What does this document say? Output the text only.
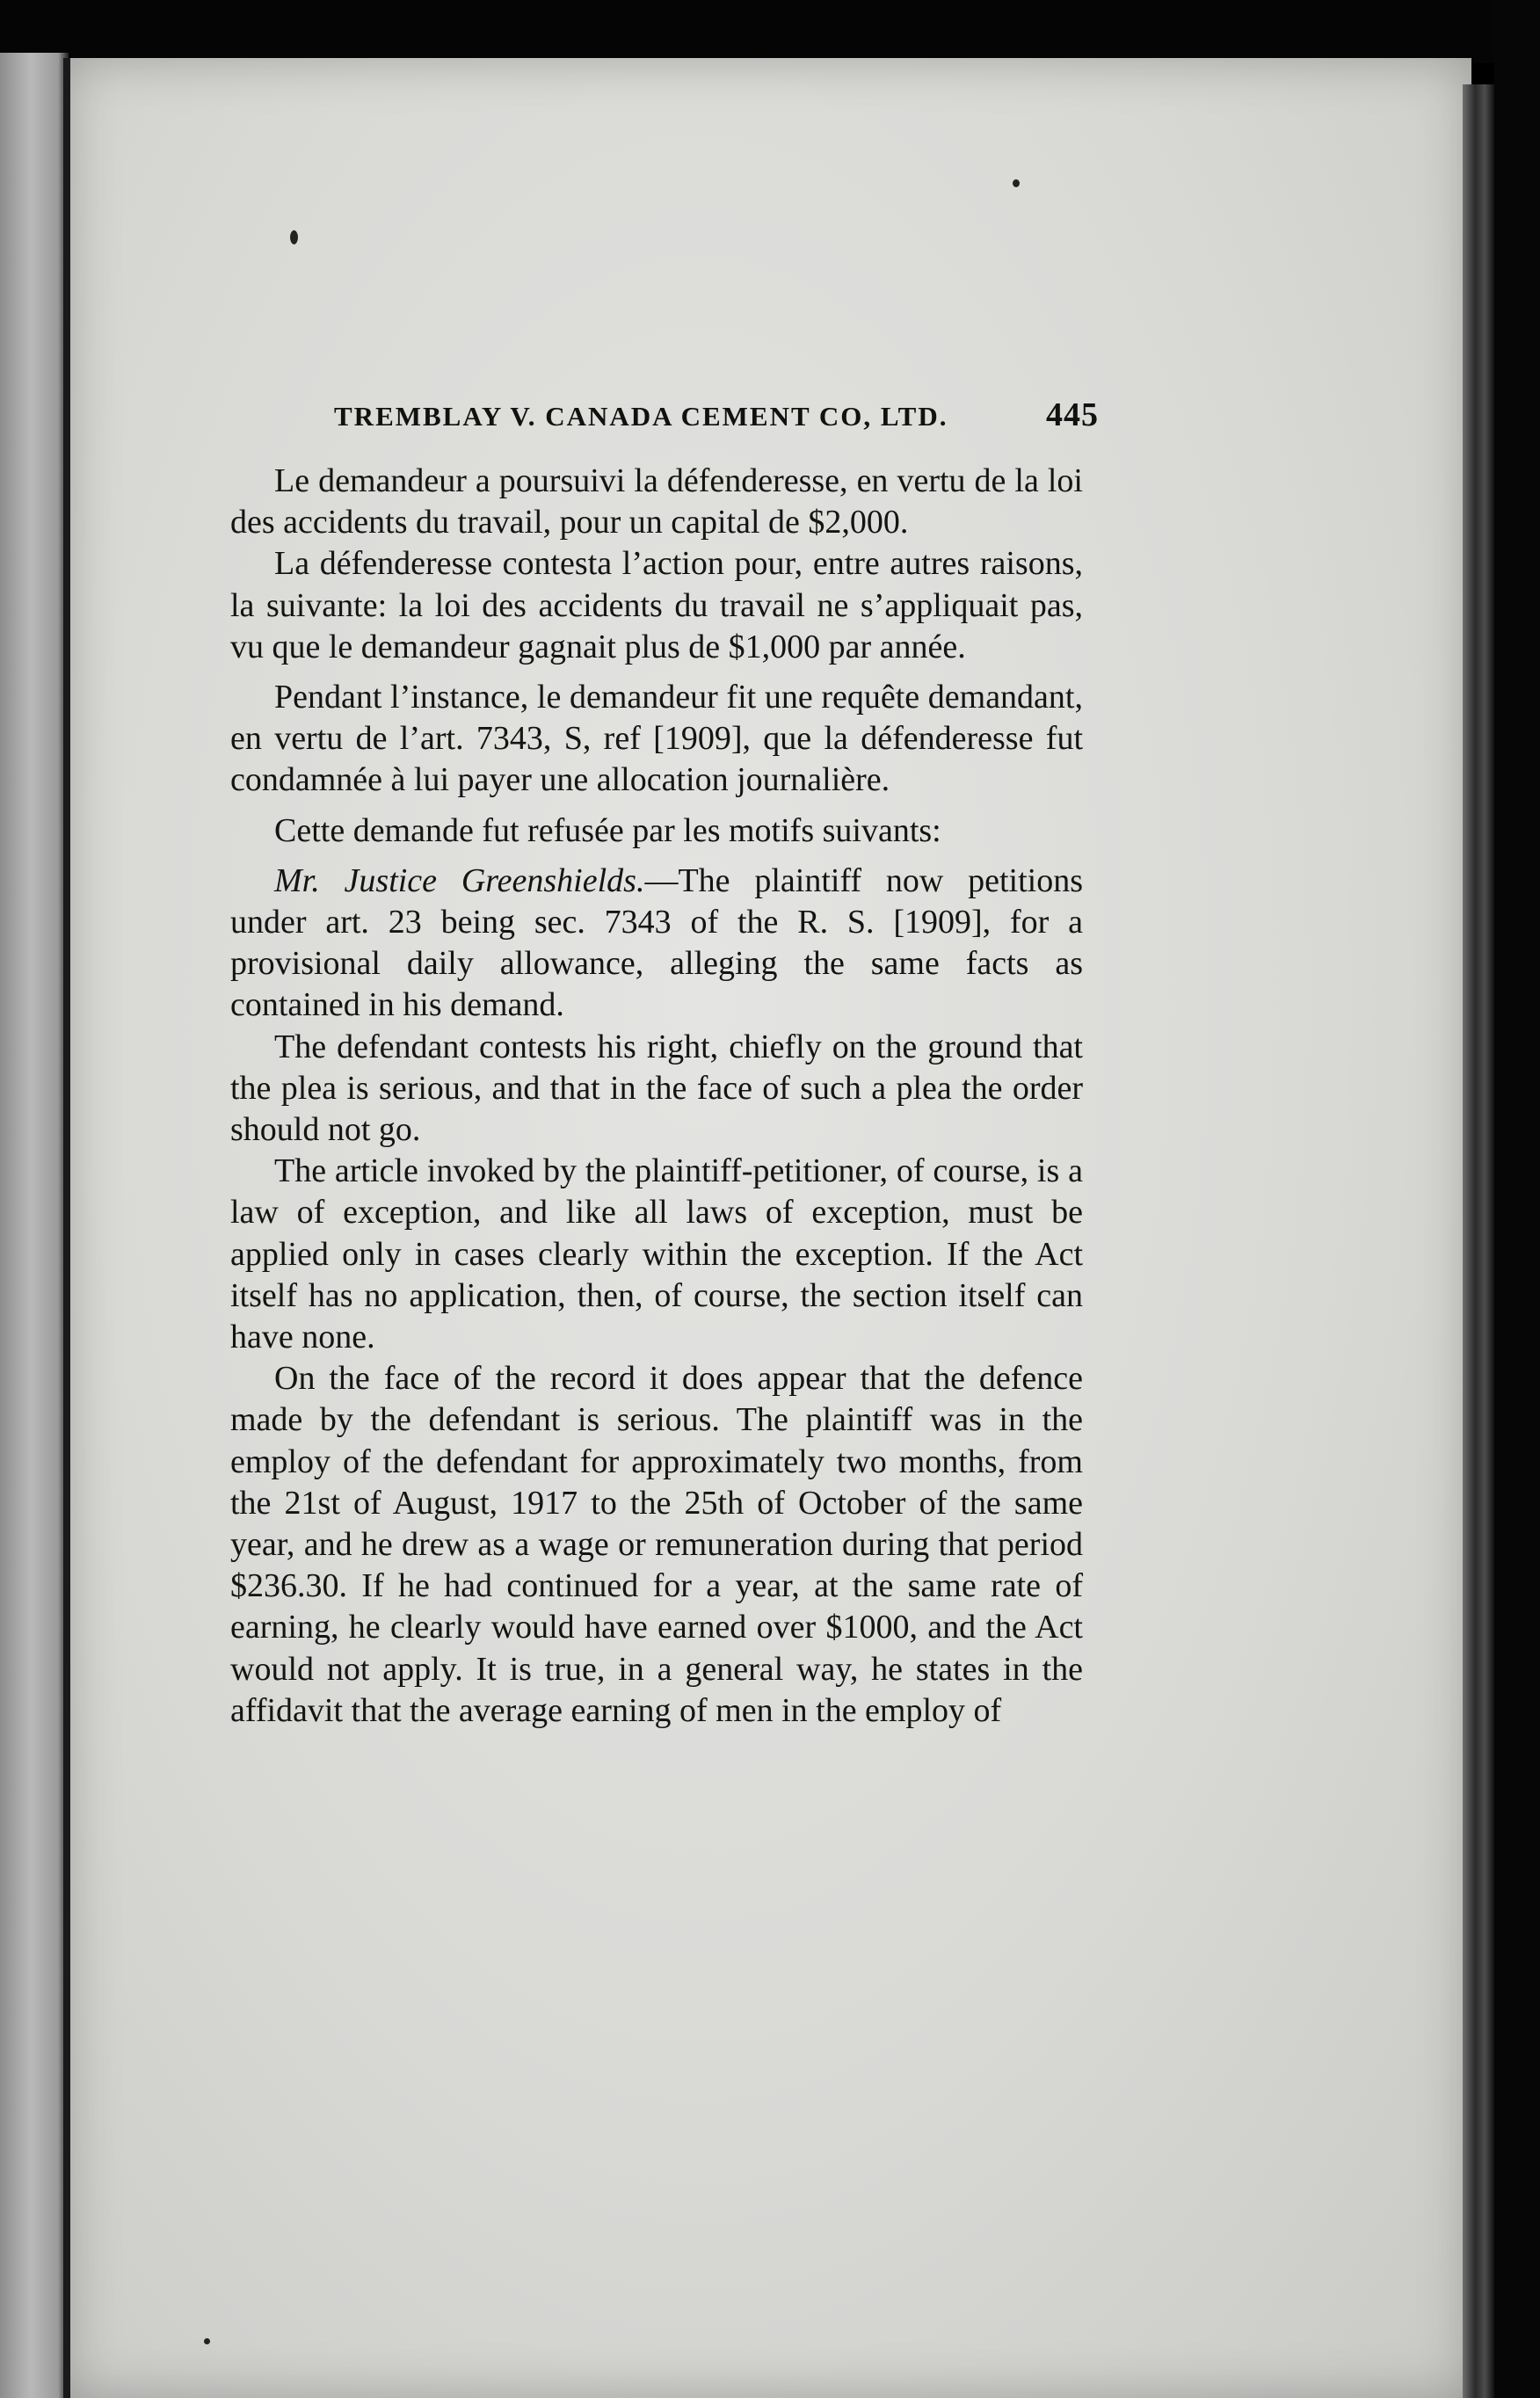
TREMBLAY V. CANADA CEMENT CO, LTD.	445

Le demandeur a poursuivi la défenderesse, en vertu de la loi des accidents du travail, pour un capital de $2,000.

La défenderesse contesta l’action pour, entre autres raisons, la suivante: la loi des accidents du travail ne s’appliquait pas, vu que le demandeur gagnait plus de $1,000 par année.

Pendant l’instance, le demandeur fit une requête demandant, en vertu de l’art. 7343, S, ref [1909], que la défenderesse fut condamnée à lui payer une allocation journalière.

Cette demande fut refusée par les motifs suivants:

Mr. Justice Greenshields.—The plaintiff now petitions under art. 23 being sec. 7343 of the R. S. [1909], for a provisional daily allowance, alleging the same facts as contained in his demand.

The defendant contests his right, chiefly on the ground that the plea is serious, and that in the face of such a plea the order should not go.

The article invoked by the plaintiff-petitioner, of course, is a law of exception, and like all laws of exception, must be applied only in cases clearly within the exception. If the Act itself has no application, then, of course, the section itself can have none.

On the face of the record it does appear that the defence made by the defendant is serious. The plaintiff was in the employ of the defendant for approximately two months, from the 21st of August, 1917 to the 25th of October of the same year, and he drew as a wage or remuneration during that period $236.30. If he had continued for a year, at the same rate of earning, he clearly would have earned over $1000, and the Act would not apply. It is true, in a general way, he states in the affidavit that the average earning of men in the employ of
